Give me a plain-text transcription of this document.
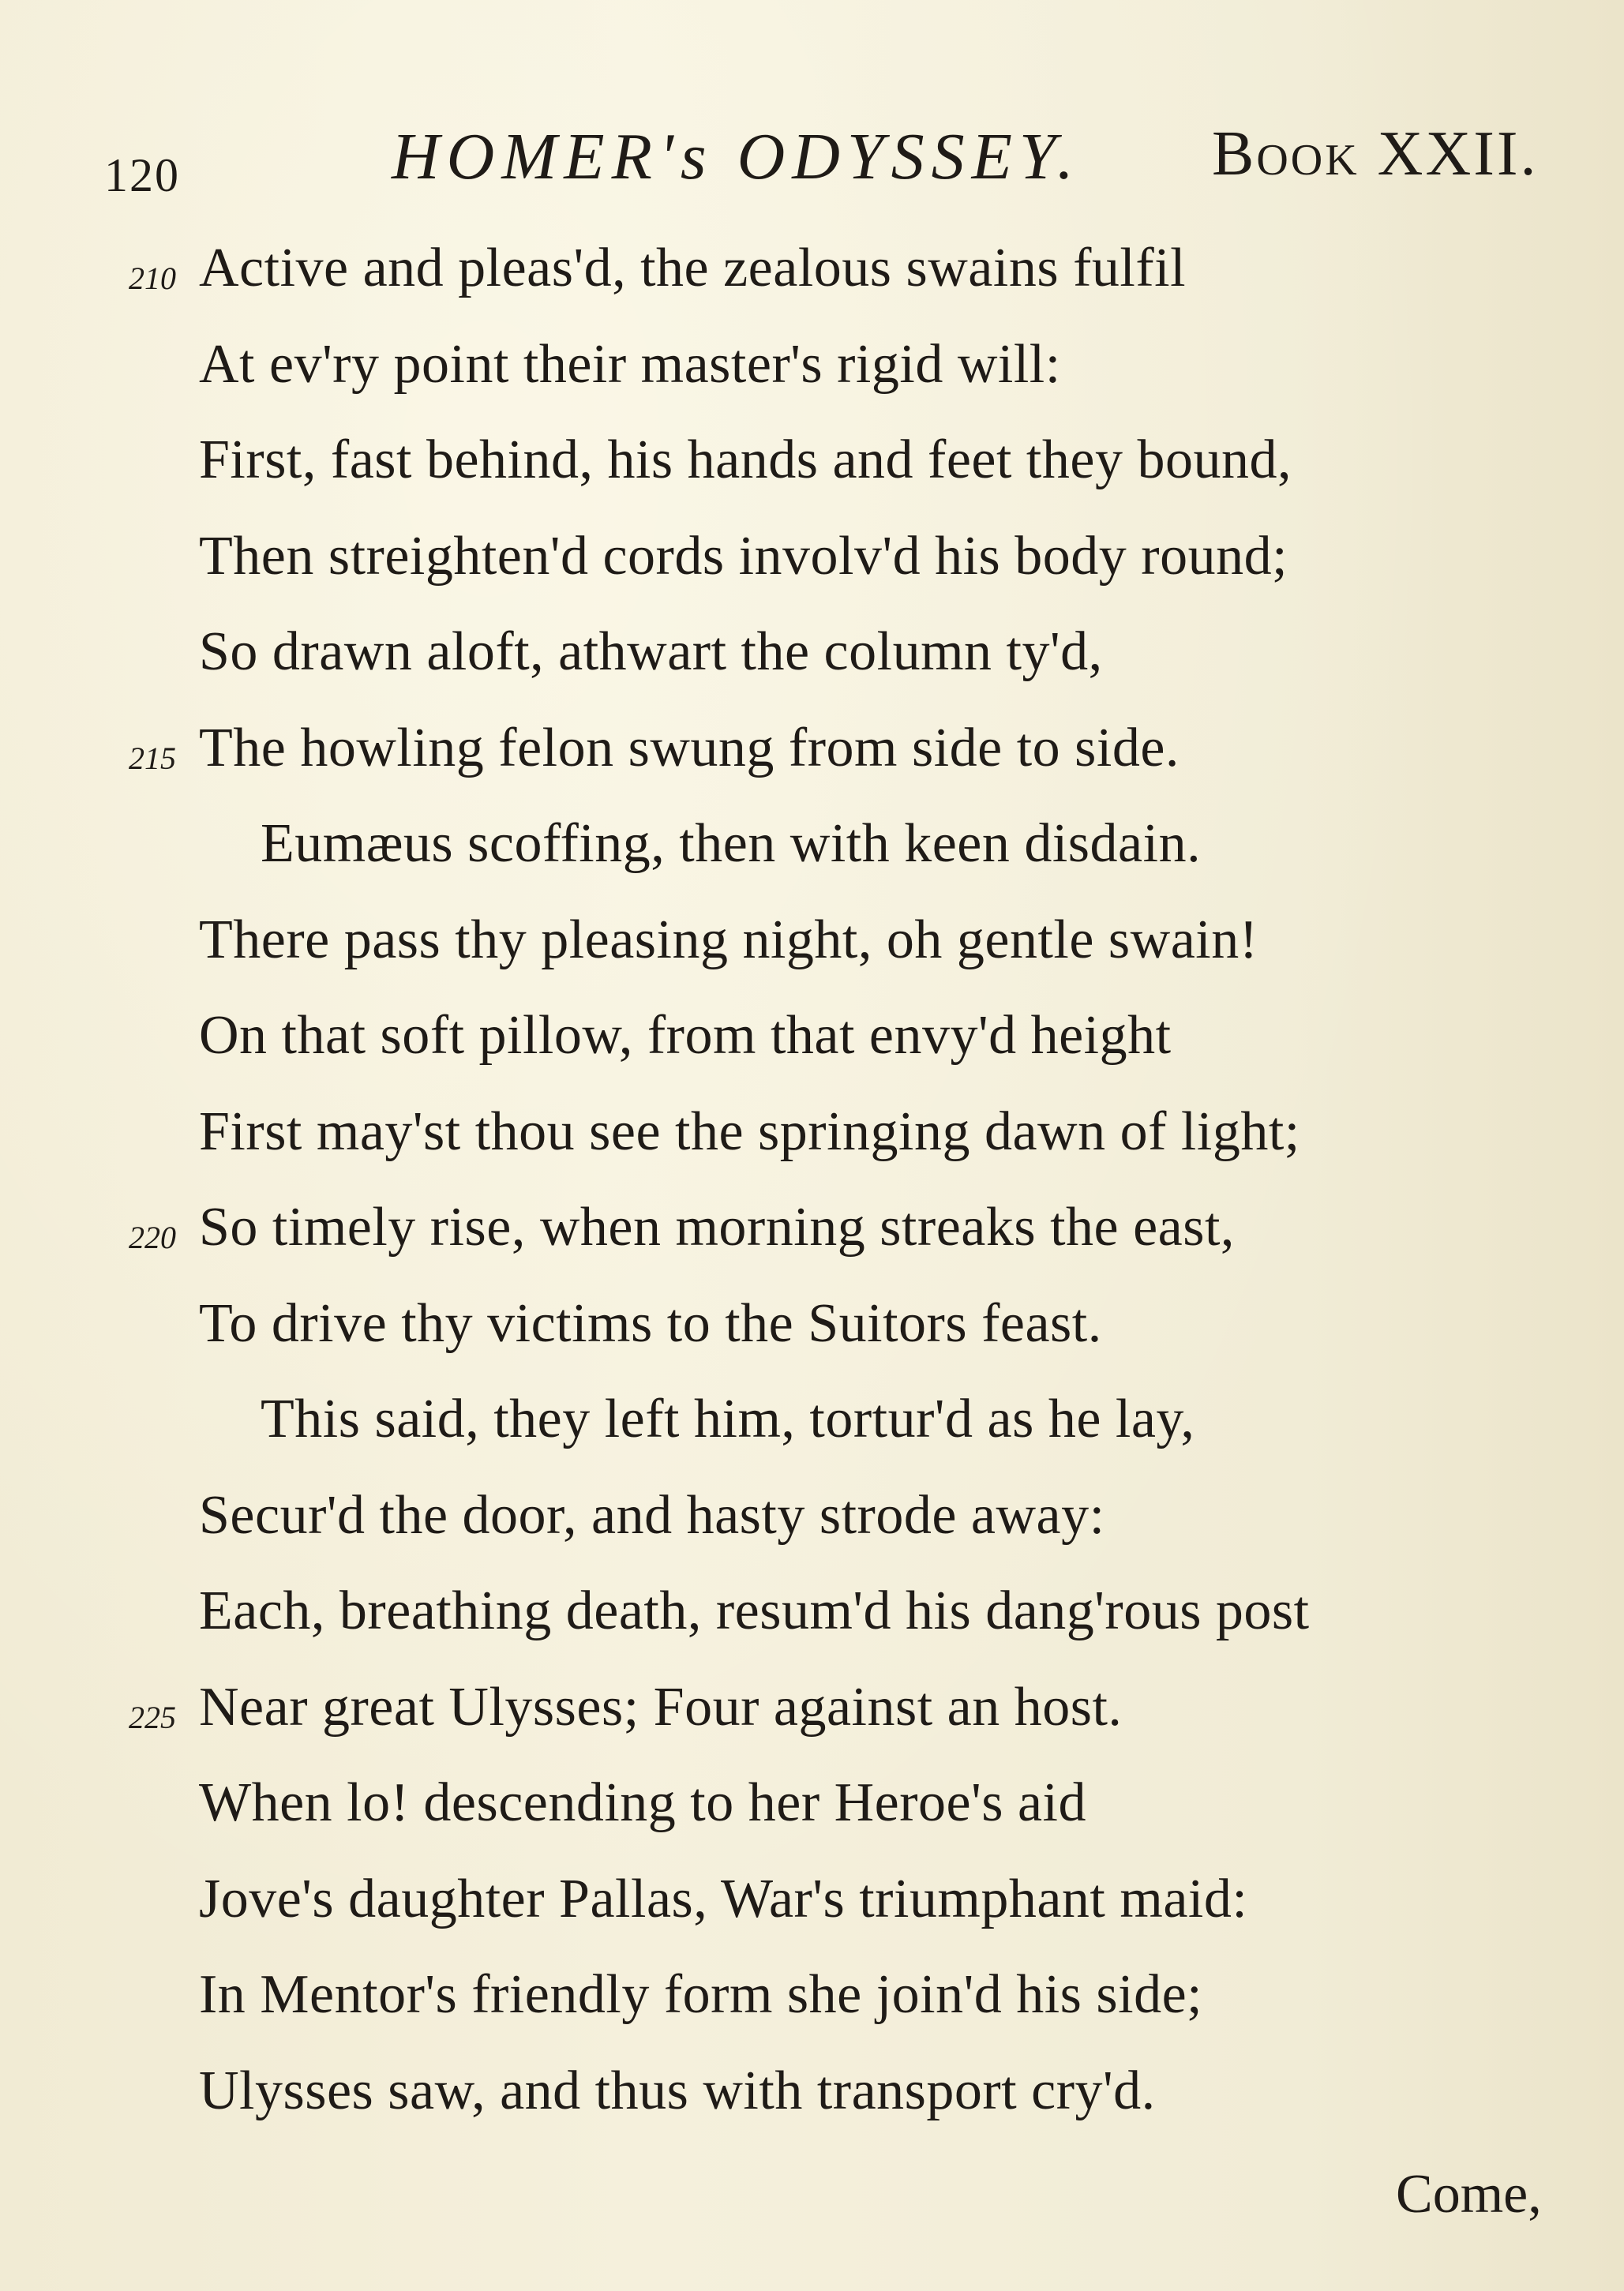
120	HOMER's ODYSSEY. Book XXII.
210 Active and pleas'd, the zealous swains fulfil
At ev'ry point their master's rigid will:
First, fast behind, his hands and feet they bound,
Then streighten'd cords involv'd his body round;
So drawn aloft, athwart the column ty'd,
215 The howling felon swung from side to side.
Eumæus scoffing, then with keen disdain.
There pass thy pleasing night, oh gentle swain!
On that soft pillow, from that envy'd height
First may'st thou see the springing dawn of light;
220 So timely rise, when morning streaks the east,
To drive thy victims to the Suitors feast.
This said, they left him, tortur'd as he lay,
Secur'd the door, and hasty strode away:
Each, breathing death, resum'd his dang'rous post
225 Near great Ulysses; Four against an host.
When lo! descending to her Heroe's aid
Jove's daughter Pallas, War's triumphant maid:
In Mentor's friendly form she join'd his side;
Ulysses saw, and thus with transport cry'd.
Come,
